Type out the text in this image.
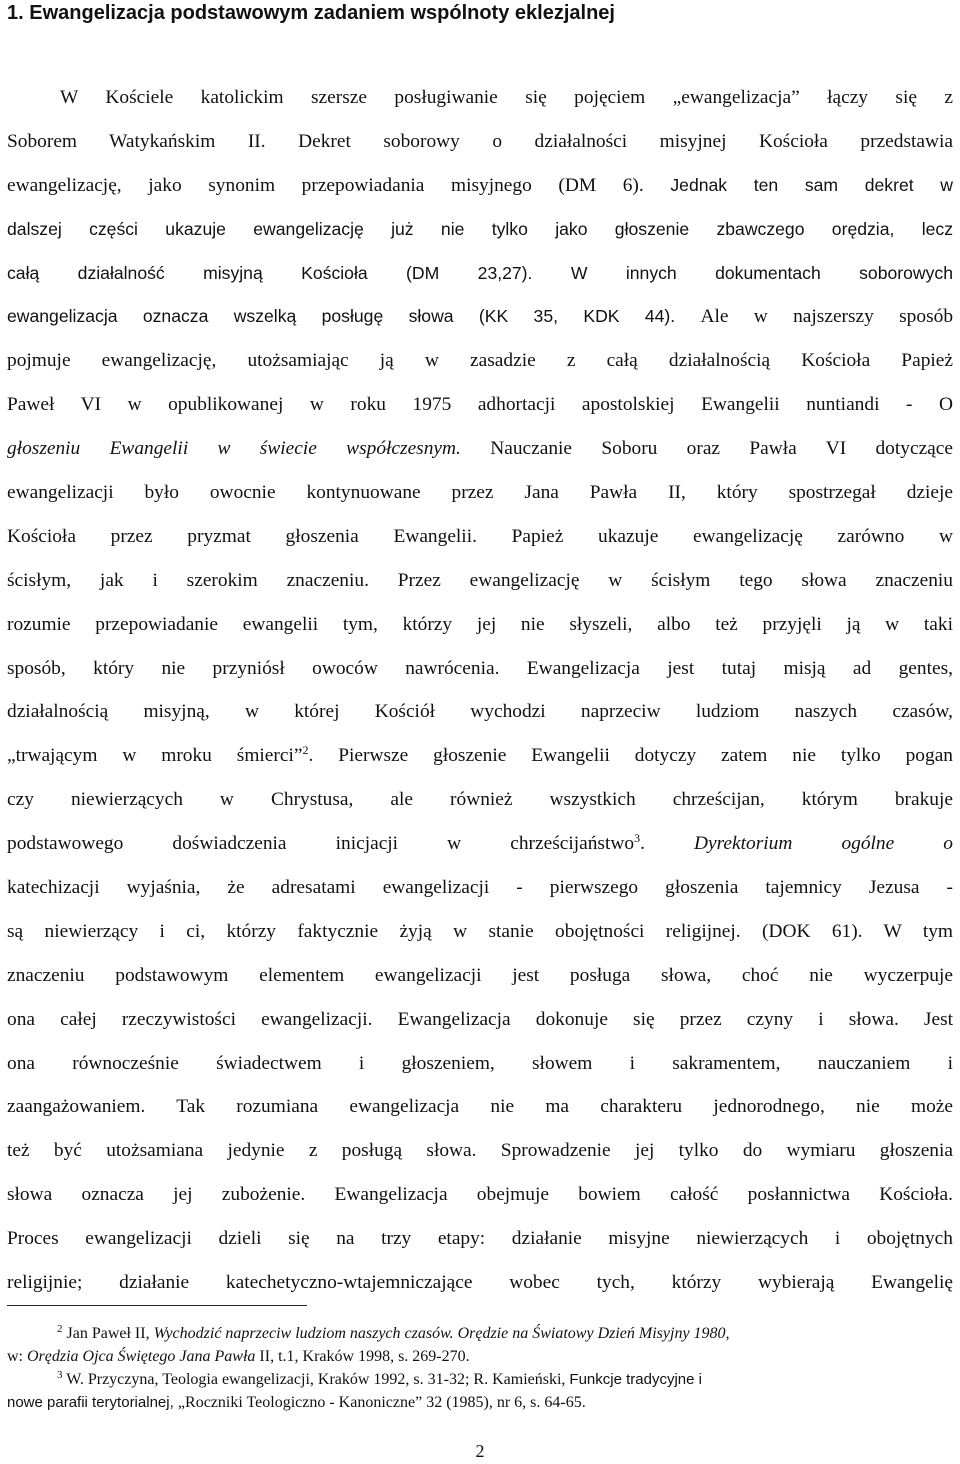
1. Ewangelizacja podstawowym zadaniem wspólnoty eklezjalnej
W Kościele katolickim szersze posługiwanie się pojęciem „ewangelizacja” łączy się z
Soborem Watykańskim II. Dekret soborowy o działalności misyjnej Kościoła przedstawia
ewangelizację, jako synonim przepowiadania misyjnego (DM 6). Jednak ten sam dekret w
dalszej części ukazuje ewangelizację już nie tylko jako głoszenie zbawczego orędzia, lecz
całą działalność misyjną Kościoła (DM 23,27). W innych dokumentach soborowych
ewangelizacja oznacza wszelką posługę słowa (KK 35, KDK 44). Ale w najszerszy sposób
pojmuje ewangelizację, utożsamiając ją w zasadzie z całą działalnością Kościoła Papież
Paweł VI w opublikowanej w roku 1975 adhortacji apostolskiej Ewangelii nuntiandi - O
głoszeniu Ewangelii w świecie współczesnym. Nauczanie Soboru oraz Pawła VI dotyczące
ewangelizacji było owocnie kontynuowane przez Jana Pawła II, który spostrzegał dzieje
Kościoła przez pryzmat głoszenia Ewangelii. Papież ukazuje ewangelizację zarówno w
ścisłym, jak i szerokim znaczeniu. Przez ewangelizację w ścisłym tego słowa znaczeniu
rozumie przepowiadanie ewangelii tym, którzy jej nie słyszeli, albo też przyjęli ją w taki
sposób, który nie przyniósł owoców nawrócenia. Ewangelizacja jest tutaj misją ad gentes,
działalnością misyjną, w której Kościół wychodzi naprzeciw ludziom naszych czasów,
„trwającym w mroku śmierci”$^2$. Pierwsze głoszenie Ewangelii dotyczy zatem nie tylko pogan
czy niewierzących w Chrystusa, ale również wszystkich chrześcijan, którym brakuje
podstawowego doświadczenia inicjacji w chrześcijaństwo$^3$. Dyrektorium ogólne o
katechizacji wyjaśnia, że adresatami ewangelizacji - pierwszego głoszenia tajemnicy Jezusa -
są niewierzący i ci, którzy faktycznie żyją w stanie obojętności religijnej. (DOK 61). W tym
znaczeniu podstawowym elementem ewangelizacji jest posługa słowa, choć nie wyczerpuje
ona całej rzeczywistości ewangelizacji. Ewangelizacja dokonuje się przez czyny i słowa. Jest
ona równocześnie świadectwem i głoszeniem, słowem i sakramentem, nauczaniem i
zaangażowaniem. Tak rozumiana ewangelizacja nie ma charakteru jednorodnego, nie może
też być utożsamiana jedynie z posługą słowa. Sprowadzenie jej tylko do wymiaru głoszenia
słowa oznacza jej zubożenie. Ewangelizacja obejmuje bowiem całość posłannictwa Kościoła.
Proces ewangelizacji dzieli się na trzy etapy: działanie misyjne niewierzących i obojętnych
religijnie; działanie katechetyczno-wtajemniczające wobec tych, którzy wybierają Ewangelię
$^2$ Jan Paweł II, Wychodzić naprzeciw ludziom naszych czasów. Orędzie na Światowy Dzień Misyjny 1980,
w: Orędzia Ojca Świętego Jana Pawła II, t.1, Kraków 1998, s. 269-270.
$^3$ W. Przyczyna, Teologia ewangelizacji, Kraków 1992, s. 31-32; R. Kamieński, Funkcje tradycyjne i
nowe parafii terytorialnej, „Roczniki Teologiczno - Kanoniczne” 32 (1985), nr 6, s. 64-65.
2
